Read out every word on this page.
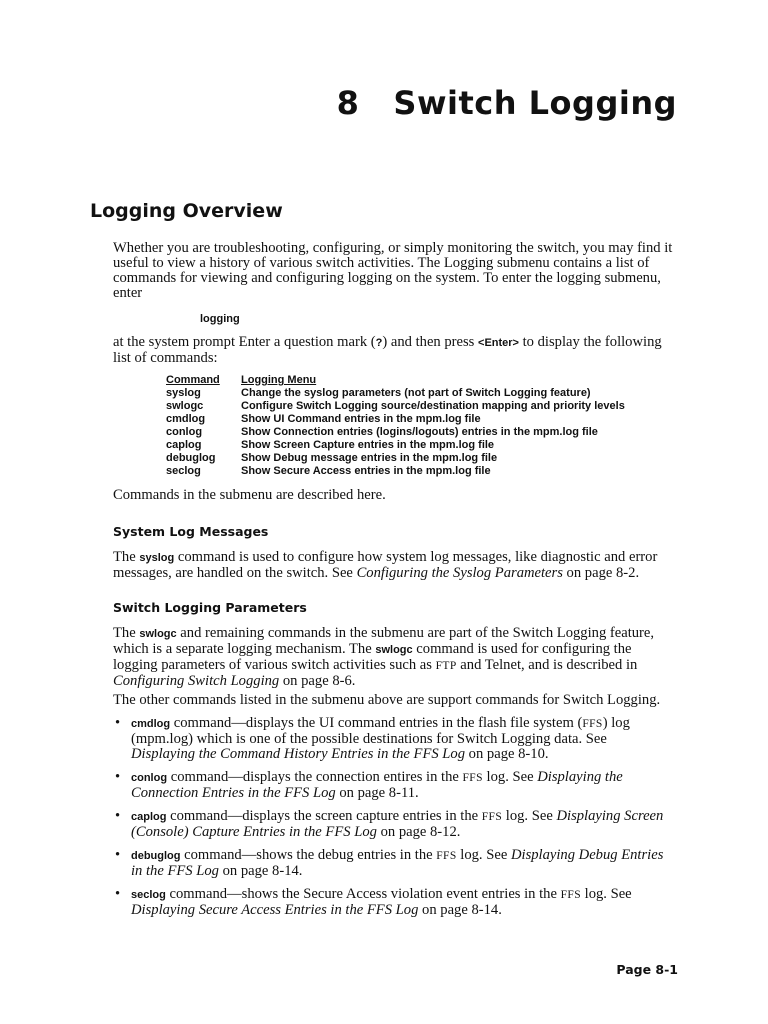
8 Switch Logging
Logging Overview

Whether you are troubleshooting, configuring, or simply monitoring the switch, you may find it useful to view a history of various switch activities. The Logging submenu contains a list of commands for viewing and configuring logging on the system. To enter the logging submenu, enter

logging

at the system prompt Enter a question mark (?) and then press <Enter> to display the following list of commands:

Command	Logging Menu
syslog	Change the syslog parameters (not part of Switch Logging feature)
swlogc	Configure Switch Logging source/destination mapping and priority levels
cmdlog	Show UI Command entries in the mpm.log file
conlog	Show Connection entries (logins/logouts) entries in the mpm.log file
caplog	Show Screen Capture entries in the mpm.log file
debuglog	Show Debug message entries in the mpm.log file
seclog	Show Secure Access entries in the mpm.log file

Commands in the submenu are described here.

System Log Messages

The syslog command is used to configure how system log messages, like diagnostic and error messages, are handled on the switch. See Configuring the Syslog Parameters on page 8-2.

Switch Logging Parameters

The swlogc and remaining commands in the submenu are part of the Switch Logging feature, which is a separate logging mechanism. The swlogc command is used for configuring the logging parameters of various switch activities such as FTP and Telnet, and is described in Configuring Switch Logging on page 8-6.

The other commands listed in the submenu above are support commands for Switch Logging.

• cmdlog command—displays the UI command entries in the flash file system (FFS) log (mpm.log) which is one of the possible destinations for Switch Logging data. See Displaying the Command History Entries in the FFS Log on page 8-10.
• conlog command—displays the connection entires in the FFS log. See Displaying the Connection Entries in the FFS Log on page 8-11.
• caplog command—displays the screen capture entries in the FFS log. See Displaying Screen (Console) Capture Entries in the FFS Log on page 8-12.
• debuglog command—shows the debug entries in the FFS log. See Displaying Debug Entries in the FFS Log on page 8-14.
• seclog command—shows the Secure Access violation event entries in the FFS log. See Displaying Secure Access Entries in the FFS Log on page 8-14.
Page 8-1
